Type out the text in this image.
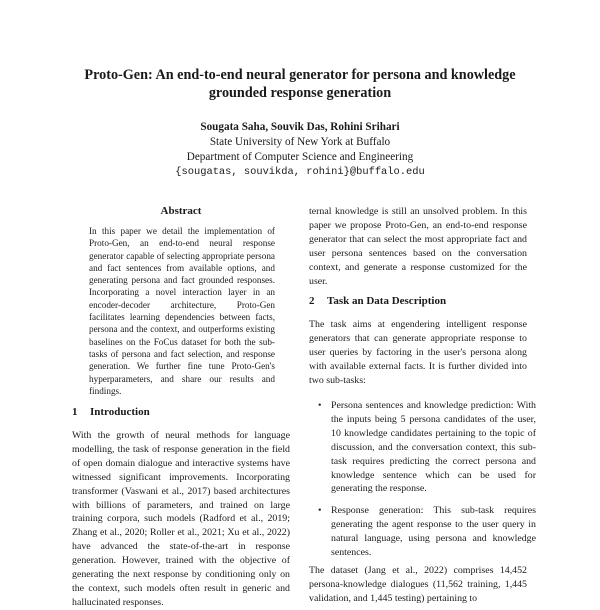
Proto-Gen: An end-to-end neural generator for persona and knowledge grounded response generation
Sougata Saha, Souvik Das, Rohini Srihari
State University of New York at Buffalo
Department of Computer Science and Engineering
{sougatas, souvikda, rohini}@buffalo.edu
Abstract

In this paper we detail the implementation of Proto-Gen, an end-to-end neural response generator capable of selecting appropriate persona and fact sentences from available options, and generating persona and fact grounded responses. Incorporating a novel interaction layer in an encoder-decoder architecture, Proto-Gen facilitates learning dependencies between facts, persona and the context, and outperforms existing baselines on the FoCus dataset for both the sub-tasks of persona and fact selection, and response generation. We further fine tune Proto-Gen's hyperparameters, and share our results and findings.

1 Introduction

With the growth of neural methods for language modelling, the task of response generation in the field of open domain dialogue and interactive systems have witnessed significant improvements. Incorporating transformer (Vaswani et al., 2017) based architectures with billions of parameters, and trained on large training corpora, such models (Radford et al., 2019; Zhang et al., 2020; Roller et al., 2021; Xu et al., 2022) have advanced the state-of-the-art in response generation. However, trained with the objective of generating the next response by conditioning only on the context, such models often result in generic and hallucinated responses.

ternal knowledge is still an unsolved problem. In this paper we propose Proto-Gen, an end-to-end response generator that can select the most appropriate fact and user persona sentences based on the conversation context, and generate a response customized for the user.

2 Task an Data Description

The task aims at engendering intelligent response generators that can generate appropriate response to user queries by factoring in the user's persona along with available external facts. It is further divided into two sub-tasks:

• Persona sentences and knowledge prediction: With the inputs being 5 persona candidates of the user, 10 knowledge candidates pertaining to the topic of discussion, and the conversation context, this sub-task requires predicting the correct persona and knowledge sentence which can be used for generating the response.
• Response generation: This sub-task requires generating the agent response to the user query in natural language, using persona and knowledge sentences.

The dataset (Jang et al., 2022) comprises 14,452 persona-knowledge dialogues (11,562 training, 1,445 validation, and 1,445 testing) pertaining to
